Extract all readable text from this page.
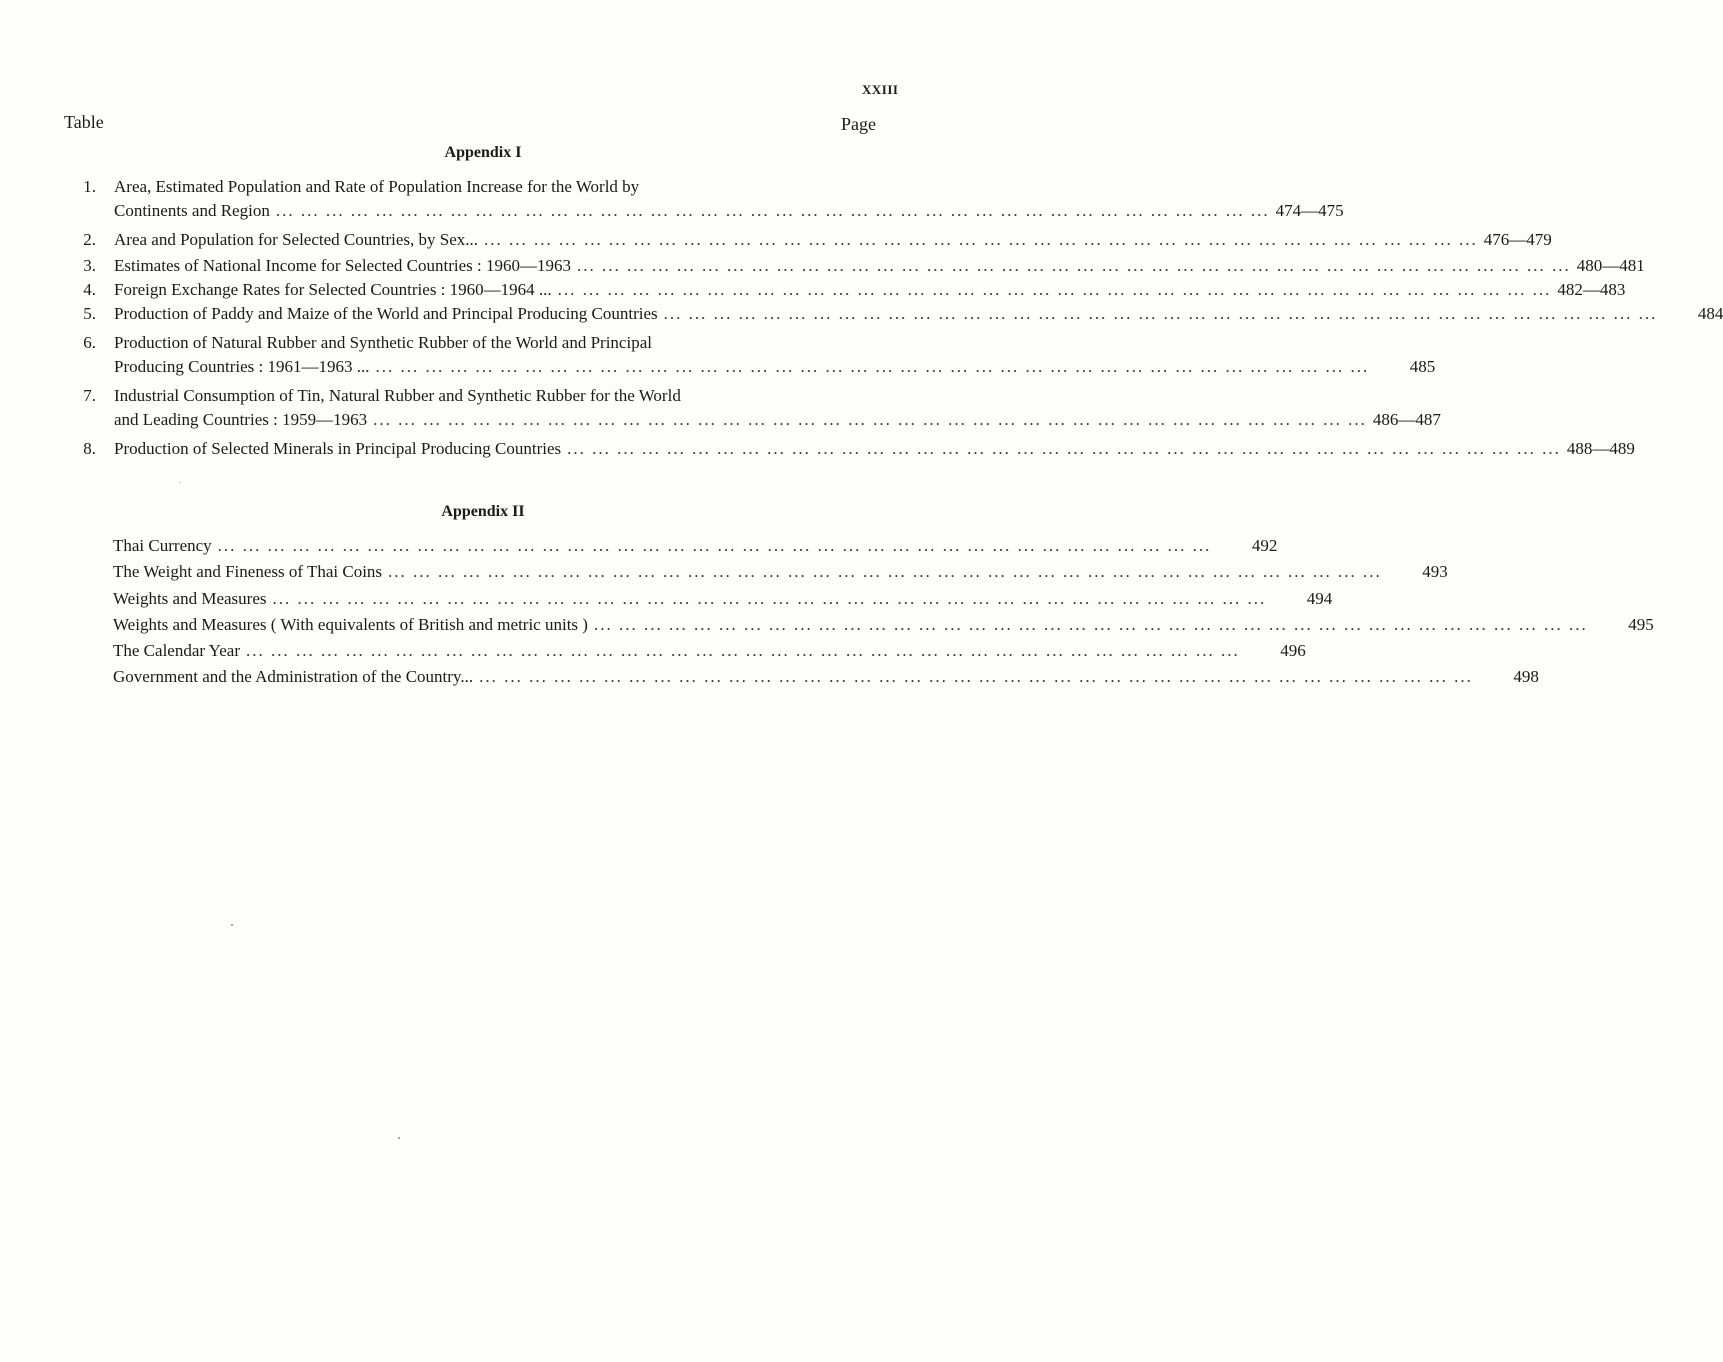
XXIII
Table	Page
Appendix I
1. Area, Estimated Population and Rate of Population Increase for the World by
Continents and Region ... ... ... ... ... ... ... ... ... ... ... ... ... ... ... ... ... ... ... ... ... ... ... ... ... ... ... ... ... ... ... ... ... ... ... ... ... ... ... ... 474—475
2. Area and Population for Selected Countries, by Sex... ... ... ... ... ... ... ... ... ... ... ... ... ... ... ... ... ... ... ... ... ... ... ... ... ... ... ... ... ... ... ... ... ... ... ... ... ... ... ... ... 476—479
3. Estimates of National Income for Selected Countries : 1960—1963 ... ... ... ... ... ... ... ... ... ... ... ... ... ... ... ... ... ... ... ... ... ... ... ... ... ... ... ... ... ... ... ... ... ... ... ... ... ... ... ... 480—481
4. Foreign Exchange Rates for Selected Countries : 1960—1964 ... ... ... ... ... ... ... ... ... ... ... ... ... ... ... ... ... ... ... ... ... ... ... ... ... ... ... ... ... ... ... ... ... ... ... ... ... ... ... ... ... 482—483
5. Production of Paddy and Maize of the World and Principal Producing Countries ... ... ... ... ... ... ... ... ... ... ... ... ... ... ... ... ... ... ... ... ... ... ... ... ... ... ... ... ... ... ... ... ... ... ... ... ... ... ... ...	484
6. Production of Natural Rubber and Synthetic Rubber of the World and Principal
Producing Countries : 1961—1963 ... ... ... ... ... ... ... ... ... ... ... ... ... ... ... ... ... ... ... ... ... ... ... ... ... ... ... ... ... ... ... ... ... ... ... ... ... ... ... ... ...	485
7. Industrial Consumption of Tin, Natural Rubber and Synthetic Rubber for the World
and Leading Countries : 1959—1963 ... ... ... ... ... ... ... ... ... ... ... ... ... ... ... ... ... ... ... ... ... ... ... ... ... ... ... ... ... ... ... ... ... ... ... ... ... ... ... ... 486—487
8. Production of Selected Minerals in Principal Producing Countries ... ... ... ... ... ... ... ... ... ... ... ... ... ... ... ... ... ... ... ... ... ... ... ... ... ... ... ... ... ... ... ... ... ... ... ... ... ... ... ... 488—489
Appendix II
Thai Currency ... ... ... ... ... ... ... ... ... ... ... ... ... ... ... ... ... ... ... ... ... ... ... ... ... ... ... ... ... ... ... ... ... ... ... ... ... ... ... ...	492
The Weight and Fineness of Thai Coins ... ... ... ... ... ... ... ... ... ... ... ... ... ... ... ... ... ... ... ... ... ... ... ... ... ... ... ... ... ... ... ... ... ... ... ... ... ... ... ...	493
Weights and Measures ... ... ... ... ... ... ... ... ... ... ... ... ... ... ... ... ... ... ... ... ... ... ... ... ... ... ... ... ... ... ... ... ... ... ... ... ... ... ... ...	494
Weights and Measures ( With equivalents of British and metric units ) ... ... ... ... ... ... ... ... ... ... ... ... ... ... ... ... ... ... ... ... ... ... ... ... ... ... ... ... ... ... ... ... ... ... ... ... ... ... ... ...	495
The Calendar Year ... ... ... ... ... ... ... ... ... ... ... ... ... ... ... ... ... ... ... ... ... ... ... ... ... ... ... ... ... ... ... ... ... ... ... ... ... ... ... ...	496
Government and the Administration of the Country... ... ... ... ... ... ... ... ... ... ... ... ... ... ... ... ... ... ... ... ... ... ... ... ... ... ... ... ... ... ... ... ... ... ... ... ... ... ... ... ...	498
